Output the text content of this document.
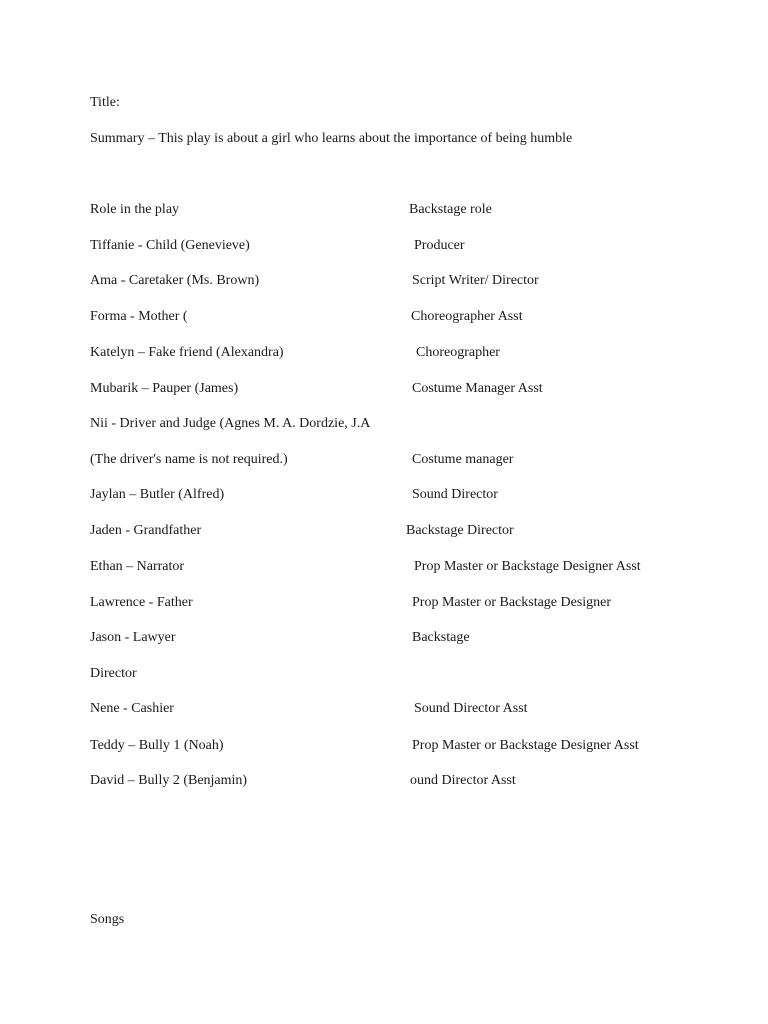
Title:
Summary – This play is about a girl who learns about the importance of being humble
Role in the play	Backstage role
Tiffanie - Child (Genevieve)	Producer
Ama - Caretaker (Ms. Brown)	Script Writer/ Director
Forma - Mother (	Choreographer Asst
Katelyn – Fake friend (Alexandra)	Choreographer
Mubarik – Pauper (James)	Costume Manager Asst
Nii - Driver and Judge (Agnes M. A. Dordzie, J.A
(The driver's name is not required.)	Costume manager
Jaylan – Butler (Alfred)	Sound Director
Jaden - Grandfather	Backstage Director
Ethan – Narrator	Prop Master or Backstage Designer Asst
Lawrence - Father	Prop Master or Backstage Designer
Jason - Lawyer	Backstage
Director
Nene - Cashier	Sound Director Asst
Teddy – Bully 1 (Noah)	Prop Master or Backstage Designer Asst
David – Bully 2 (Benjamin)	ound Director Asst
Songs
